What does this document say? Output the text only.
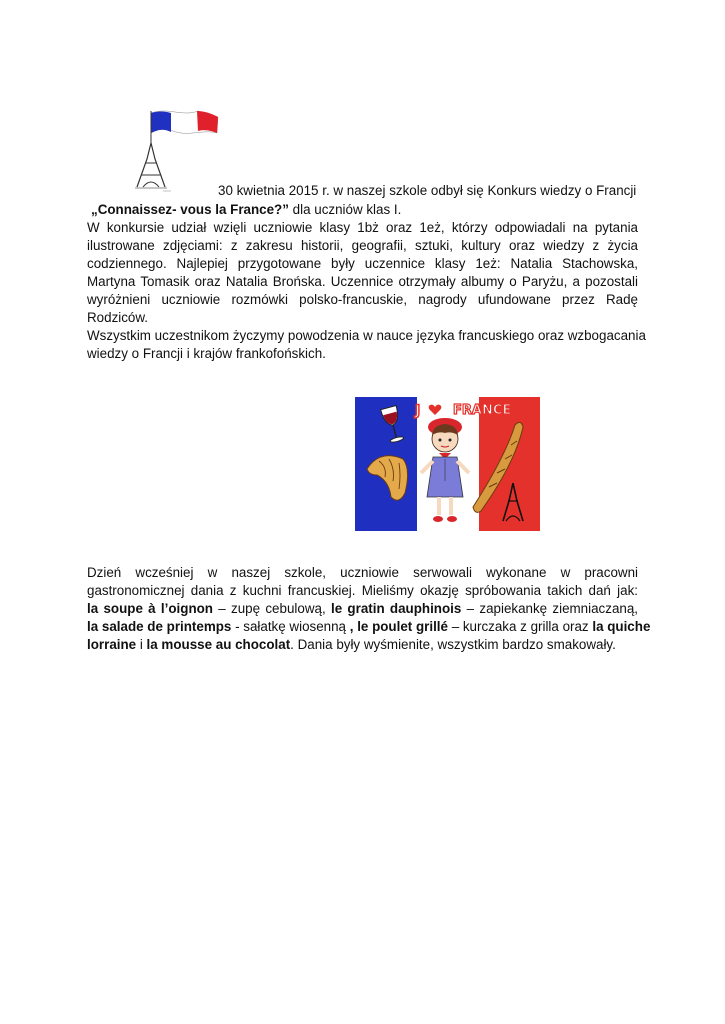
30 kwietnia 2015 r. w naszej szkole odbył się Konkurs wiedzy o Francji
„Connaissez- vous la France?” dla uczniów klas I.
W konkursie udział wzięli uczniowie klasy 1bż oraz 1eż, którzy odpowiadali na pytania
ilustrowane zdjęciami: z zakresu historii, geografii, sztuki, kultury oraz wiedzy z życia
codziennego. Najlepiej przygotowane były uczennice klasy 1eż: Natalia Stachowska,
Martyna Tomasik oraz Natalia Brońska. Uczennice otrzymały albumy o Paryżu, a pozostali
wyróżnieni uczniowie rozmówki polsko-francuskie, nagrody ufundowane przez Radę
Rodziców.
Wszystkim uczestnikom życzymy powodzenia w nauce języka francuskiego oraz wzbogacania
wiedzy o Francji i krajów frankofońskich.
J	FRANCE
Dzień wcześniej w naszej szkole, uczniowie serwowali wykonane w pracowni
gastronomicznej dania z kuchni francuskiej. Mieliśmy okazję spróbowania takich dań jak:
la soupe à l’oignon – zupę cebulową, le gratin dauphinois – zapiekankę ziemniaczaną,
la salade de printemps - sałatkę wiosenną , le poulet grillé – kurczaka z grilla oraz la quiche
lorraine i la mousse au chocolat. Dania były wyśmienite, wszystkim bardzo smakowały.
